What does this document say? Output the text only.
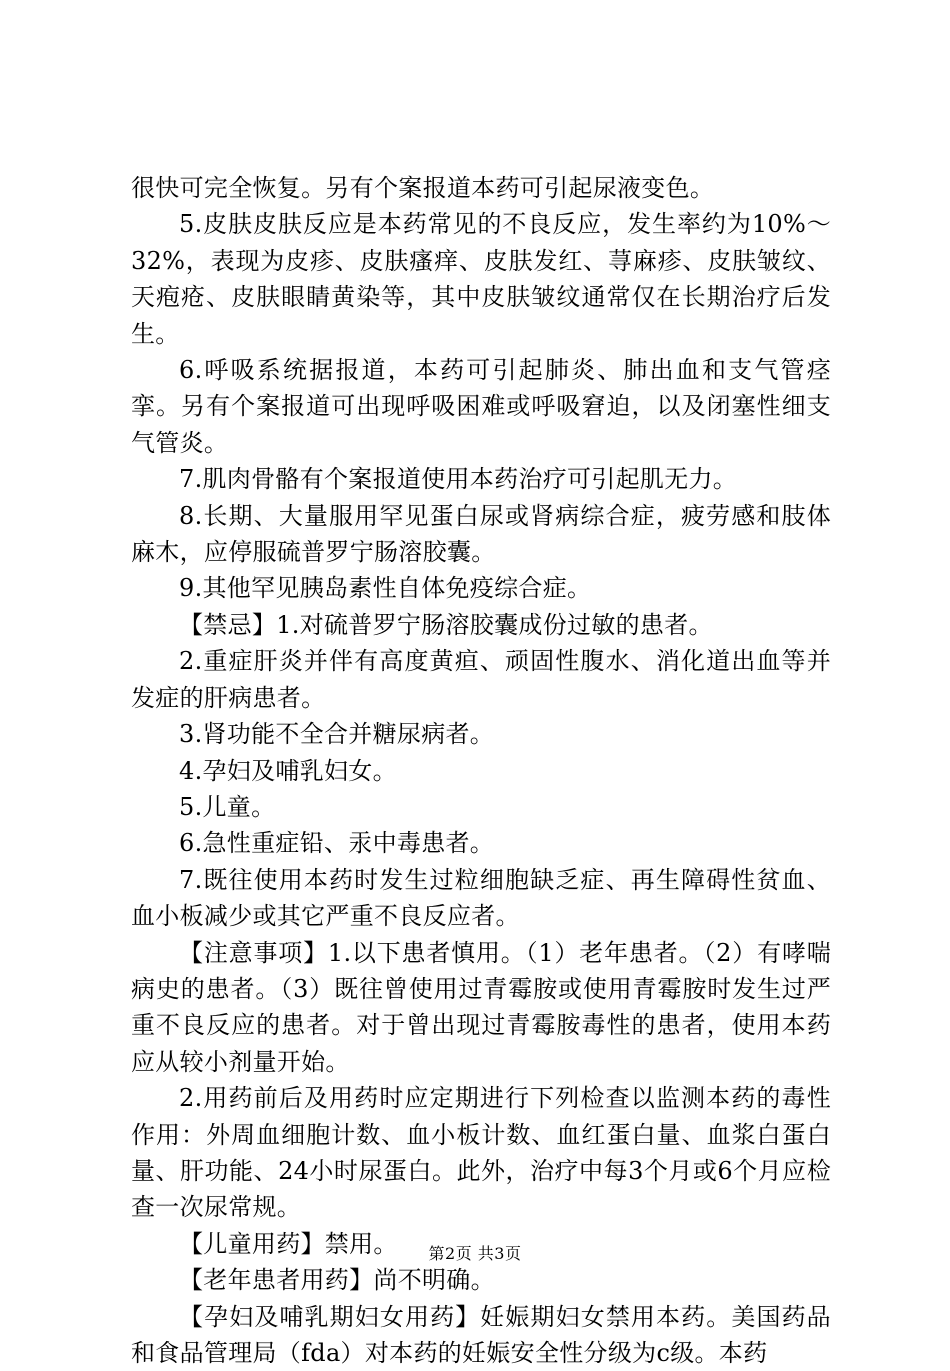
很快可完全恢复。另有个案报道本药可引起尿液变色。

5.皮肤皮肤反应是本药常见的不良反应，发生率约为10%～32%，表现为皮疹、皮肤瘙痒、皮肤发红、荨麻疹、皮肤皱纹、天疱疮、皮肤眼睛黄染等，其中皮肤皱纹通常仅在长期治疗后发生。

6.呼吸系统据报道，本药可引起肺炎、肺出血和支气管痉挛。另有个案报道可出现呼吸困难或呼吸窘迫，以及闭塞性细支气管炎。

7.肌肉骨骼有个案报道使用本药治疗可引起肌无力。

8.长期、大量服用罕见蛋白尿或肾病综合症，疲劳感和肢体麻木，应停服硫普罗宁肠溶胶囊。

9.其他罕见胰岛素性自体免疫综合症。

【禁忌】1.对硫普罗宁肠溶胶囊成份过敏的患者。

2.重症肝炎并伴有高度黄疸、顽固性腹水、消化道出血等并发症的肝病患者。

3.肾功能不全合并糖尿病者。

4.孕妇及哺乳妇女。

5.儿童。

6.急性重症铅、汞中毒患者。

7.既往使用本药时发生过粒细胞缺乏症、再生障碍性贫血、血小板减少或其它严重不良反应者。

【注意事项】1.以下患者慎用。（1）老年患者。（2）有哮喘病史的患者。（3）既往曾使用过青霉胺或使用青霉胺时发生过严重不良反应的患者。对于曾出现过青霉胺毒性的患者，使用本药应从较小剂量开始。

2.用药前后及用药时应定期进行下列检查以监测本药的毒性作用：外周血细胞计数、血小板计数、血红蛋白量、血浆白蛋白量、肝功能、24小时尿蛋白。此外，治疗中每3个月或6个月应检查一次尿常规。

【儿童用药】禁用。

【老年患者用药】尚不明确。

【孕妇及哺乳期妇女用药】妊娠期妇女禁用本药。美国药品和食品管理局（fda）对本药的妊娠安全性分级为c级。本药

第2页 共3页
